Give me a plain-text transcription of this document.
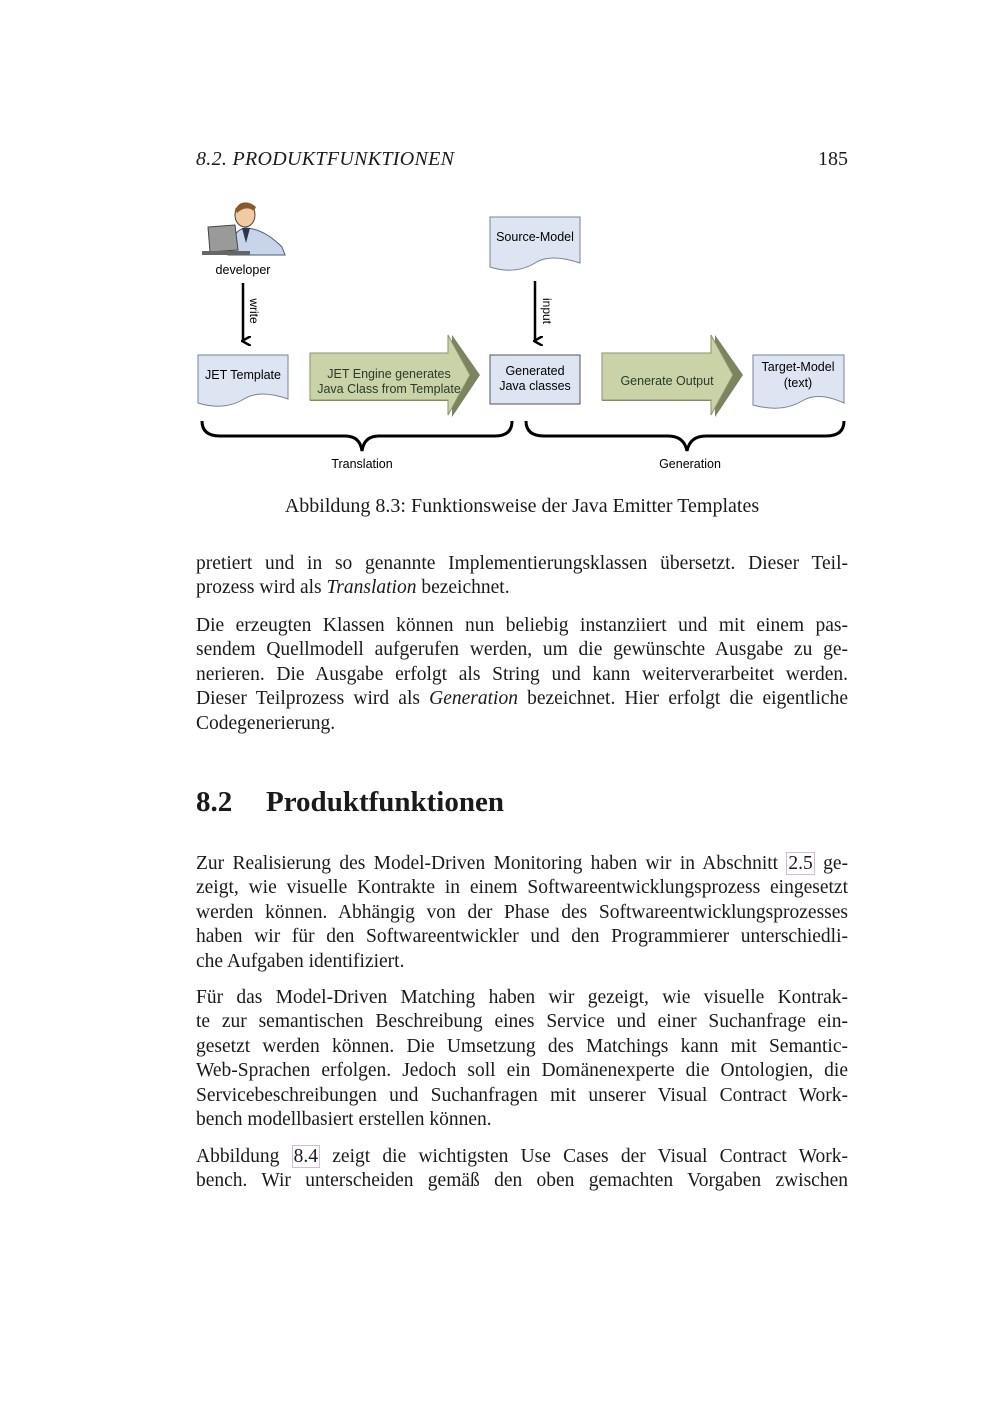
8.2. PRODUKTFUNKTIONEN	185
developer
write
Source-Model
input
JET Template	JET Engine generates
Java Class from Template
Generated
Java classes	Generate Output
Target-Model
(text)
Translation	Generation
Abbildung 8.3: Funktionsweise der Java Emitter Templates

pretiert und in so genannte Implementierungsklassen übersetzt. Dieser Teil-
prozess wird als Translation bezeichnet.

Die erzeugten Klassen können nun beliebig instanziiert und mit einem pas-
sendem Quellmodell aufgerufen werden, um die gewünschte Ausgabe zu ge-
nerieren. Die Ausgabe erfolgt als String und kann weiterverarbeitet werden.
Dieser Teilprozess wird als Generation bezeichnet. Hier erfolgt die eigentliche
Codegenerierung.

8.2 Produktfunktionen

Zur Realisierung des Model-Driven Monitoring haben wir in Abschnitt 2.5 ge-
zeigt, wie visuelle Kontrakte in einem Softwareentwicklungsprozess eingesetzt
werden können. Abhängig von der Phase des Softwareentwicklungsprozesses
haben wir für den Softwareentwickler und den Programmierer unterschiedli-
che Aufgaben identifiziert.

Für das Model-Driven Matching haben wir gezeigt, wie visuelle Kontrak-
te zur semantischen Beschreibung eines Service und einer Suchanfrage ein-
gesetzt werden können. Die Umsetzung des Matchings kann mit Semantic-
Web-Sprachen erfolgen. Jedoch soll ein Domänenexperte die Ontologien, die
Servicebeschreibungen und Suchanfragen mit unserer Visual Contract Work-
bench modellbasiert erstellen können.

Abbildung 8.4 zeigt die wichtigsten Use Cases der Visual Contract Work-
bench. Wir unterscheiden gemäß den oben gemachten Vorgaben zwischen
